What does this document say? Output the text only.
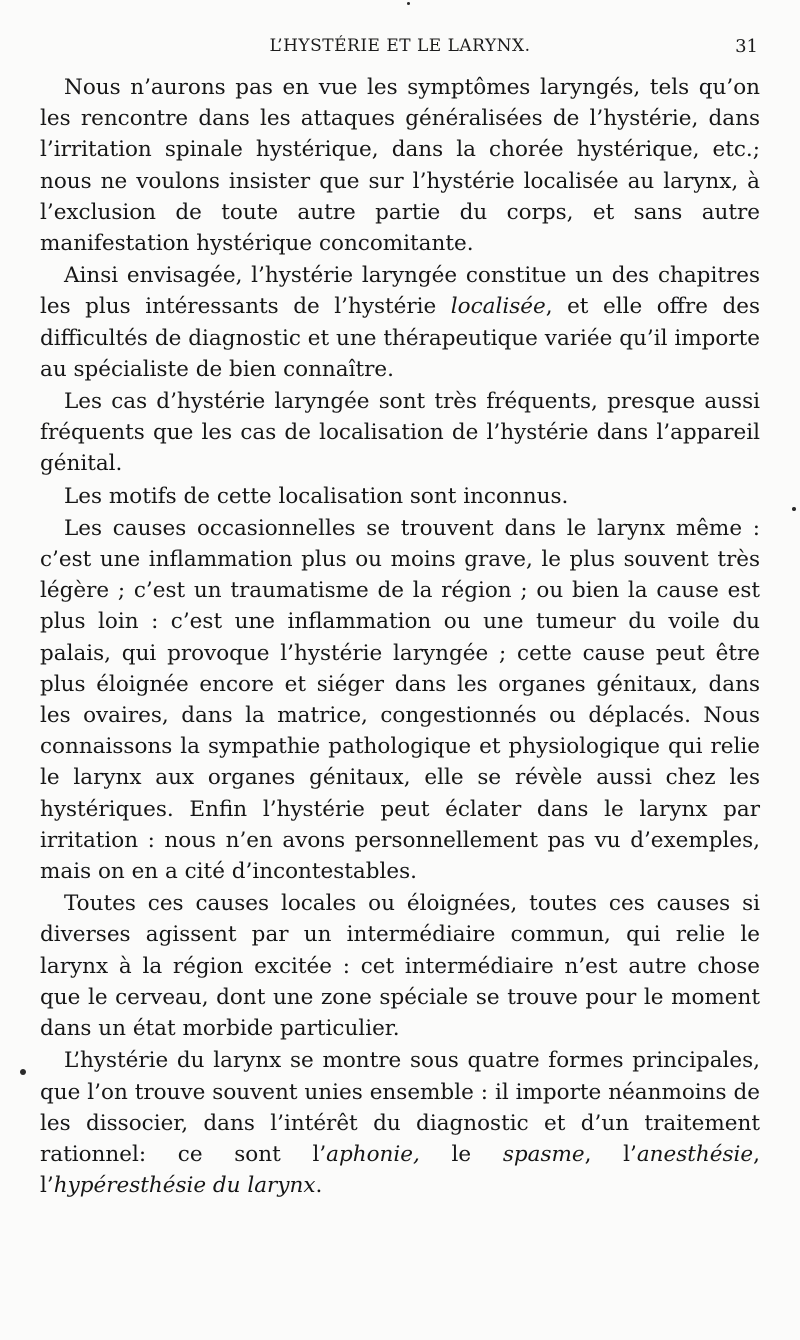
L’HYSTÉRIE ET LE LARYNX.	31

Nous n’aurons pas en vue les symptômes laryngés, tels qu’on les rencontre dans les attaques généralisées de l’hystérie, dans l’irritation spinale hystérique, dans la chorée hystérique, etc.; nous ne voulons insister que sur l’hystérie localisée au larynx, à l’exclusion de toute autre partie du corps, et sans autre manifestation hystérique concomitante.

Ainsi envisagée, l’hystérie laryngée constitue un des chapitres les plus intéressants de l’hystérie localisée, et elle offre des difficultés de diagnostic et une thérapeutique variée qu’il importe au spécialiste de bien connaître.

Les cas d’hystérie laryngée sont très fréquents, presque aussi fréquents que les cas de localisation de l’hystérie dans l’appareil génital.

Les motifs de cette localisation sont inconnus.

Les causes occasionnelles se trouvent dans le larynx même : c’est une inflammation plus ou moins grave, le plus souvent très légère ; c’est un traumatisme de la région ; ou bien la cause est plus loin : c’est une inflammation ou une tumeur du voile du palais, qui provoque l’hystérie laryngée ; cette cause peut être plus éloignée encore et siéger dans les organes génitaux, dans les ovaires, dans la matrice, congestionnés ou déplacés. Nous connaissons la sympathie pathologique et physiologique qui relie le larynx aux organes génitaux, elle se révèle aussi chez les hystériques. Enfin l’hystérie peut éclater dans le larynx par irritation : nous n’en avons personnellement pas vu d’exemples, mais on en a cité d’incontestables.

Toutes ces causes locales ou éloignées, toutes ces causes si diverses agissent par un intermédiaire commun, qui relie le larynx à la région excitée : cet intermédiaire n’est autre chose que le cerveau, dont une zone spéciale se trouve pour le moment dans un état morbide particulier.

L’hystérie du larynx se montre sous quatre formes principales, que l’on trouve souvent unies ensemble : il importe néanmoins de les dissocier, dans l’intérêt du diagnostic et d’un traitement rationnel: ce sont l’aphonie, le spasme, l’anesthésie, l’hypéresthésie du larynx.
